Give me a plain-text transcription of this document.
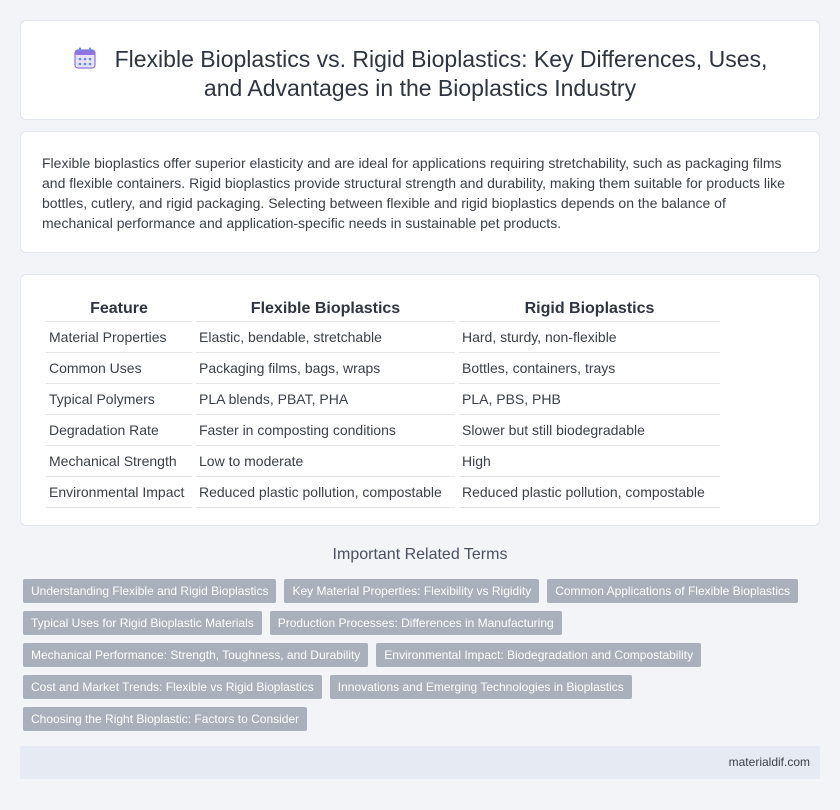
Flexible Bioplastics vs. Rigid Bioplastics: Key Differences, Uses, and Advantages in the Bioplastics Industry

Flexible bioplastics offer superior elasticity and are ideal for applications requiring stretchability, such as packaging films and flexible containers. Rigid bioplastics provide structural strength and durability, making them suitable for products like bottles, cutlery, and rigid packaging. Selecting between flexible and rigid bioplastics depends on the balance of mechanical performance and application-specific needs in sustainable pet products.

Feature	Flexible Bioplastics	Rigid Bioplastics
Material Properties	Elastic, bendable, stretchable	Hard, sturdy, non-flexible
Common Uses	Packaging films, bags, wraps	Bottles, containers, trays
Typical Polymers	PLA blends, PBAT, PHA	PLA, PBS, PHB
Degradation Rate	Faster in composting conditions	Slower but still biodegradable
Mechanical Strength	Low to moderate	High
Environmental Impact	Reduced plastic pollution, compostable	Reduced plastic pollution, compostable
Important Related Terms
Understanding Flexible and Rigid Bioplastics	Key Material Properties: Flexibility vs Rigidity	Common Applications of Flexible Bioplastics
Typical Uses for Rigid Bioplastic Materials	Production Processes: Differences in Manufacturing
Mechanical Performance: Strength, Toughness, and Durability	Environmental Impact: Biodegradation and Compostability
Cost and Market Trends: Flexible vs Rigid Bioplastics	Innovations and Emerging Technologies in Bioplastics
Choosing the Right Bioplastic: Factors to Consider
materialdif.com
